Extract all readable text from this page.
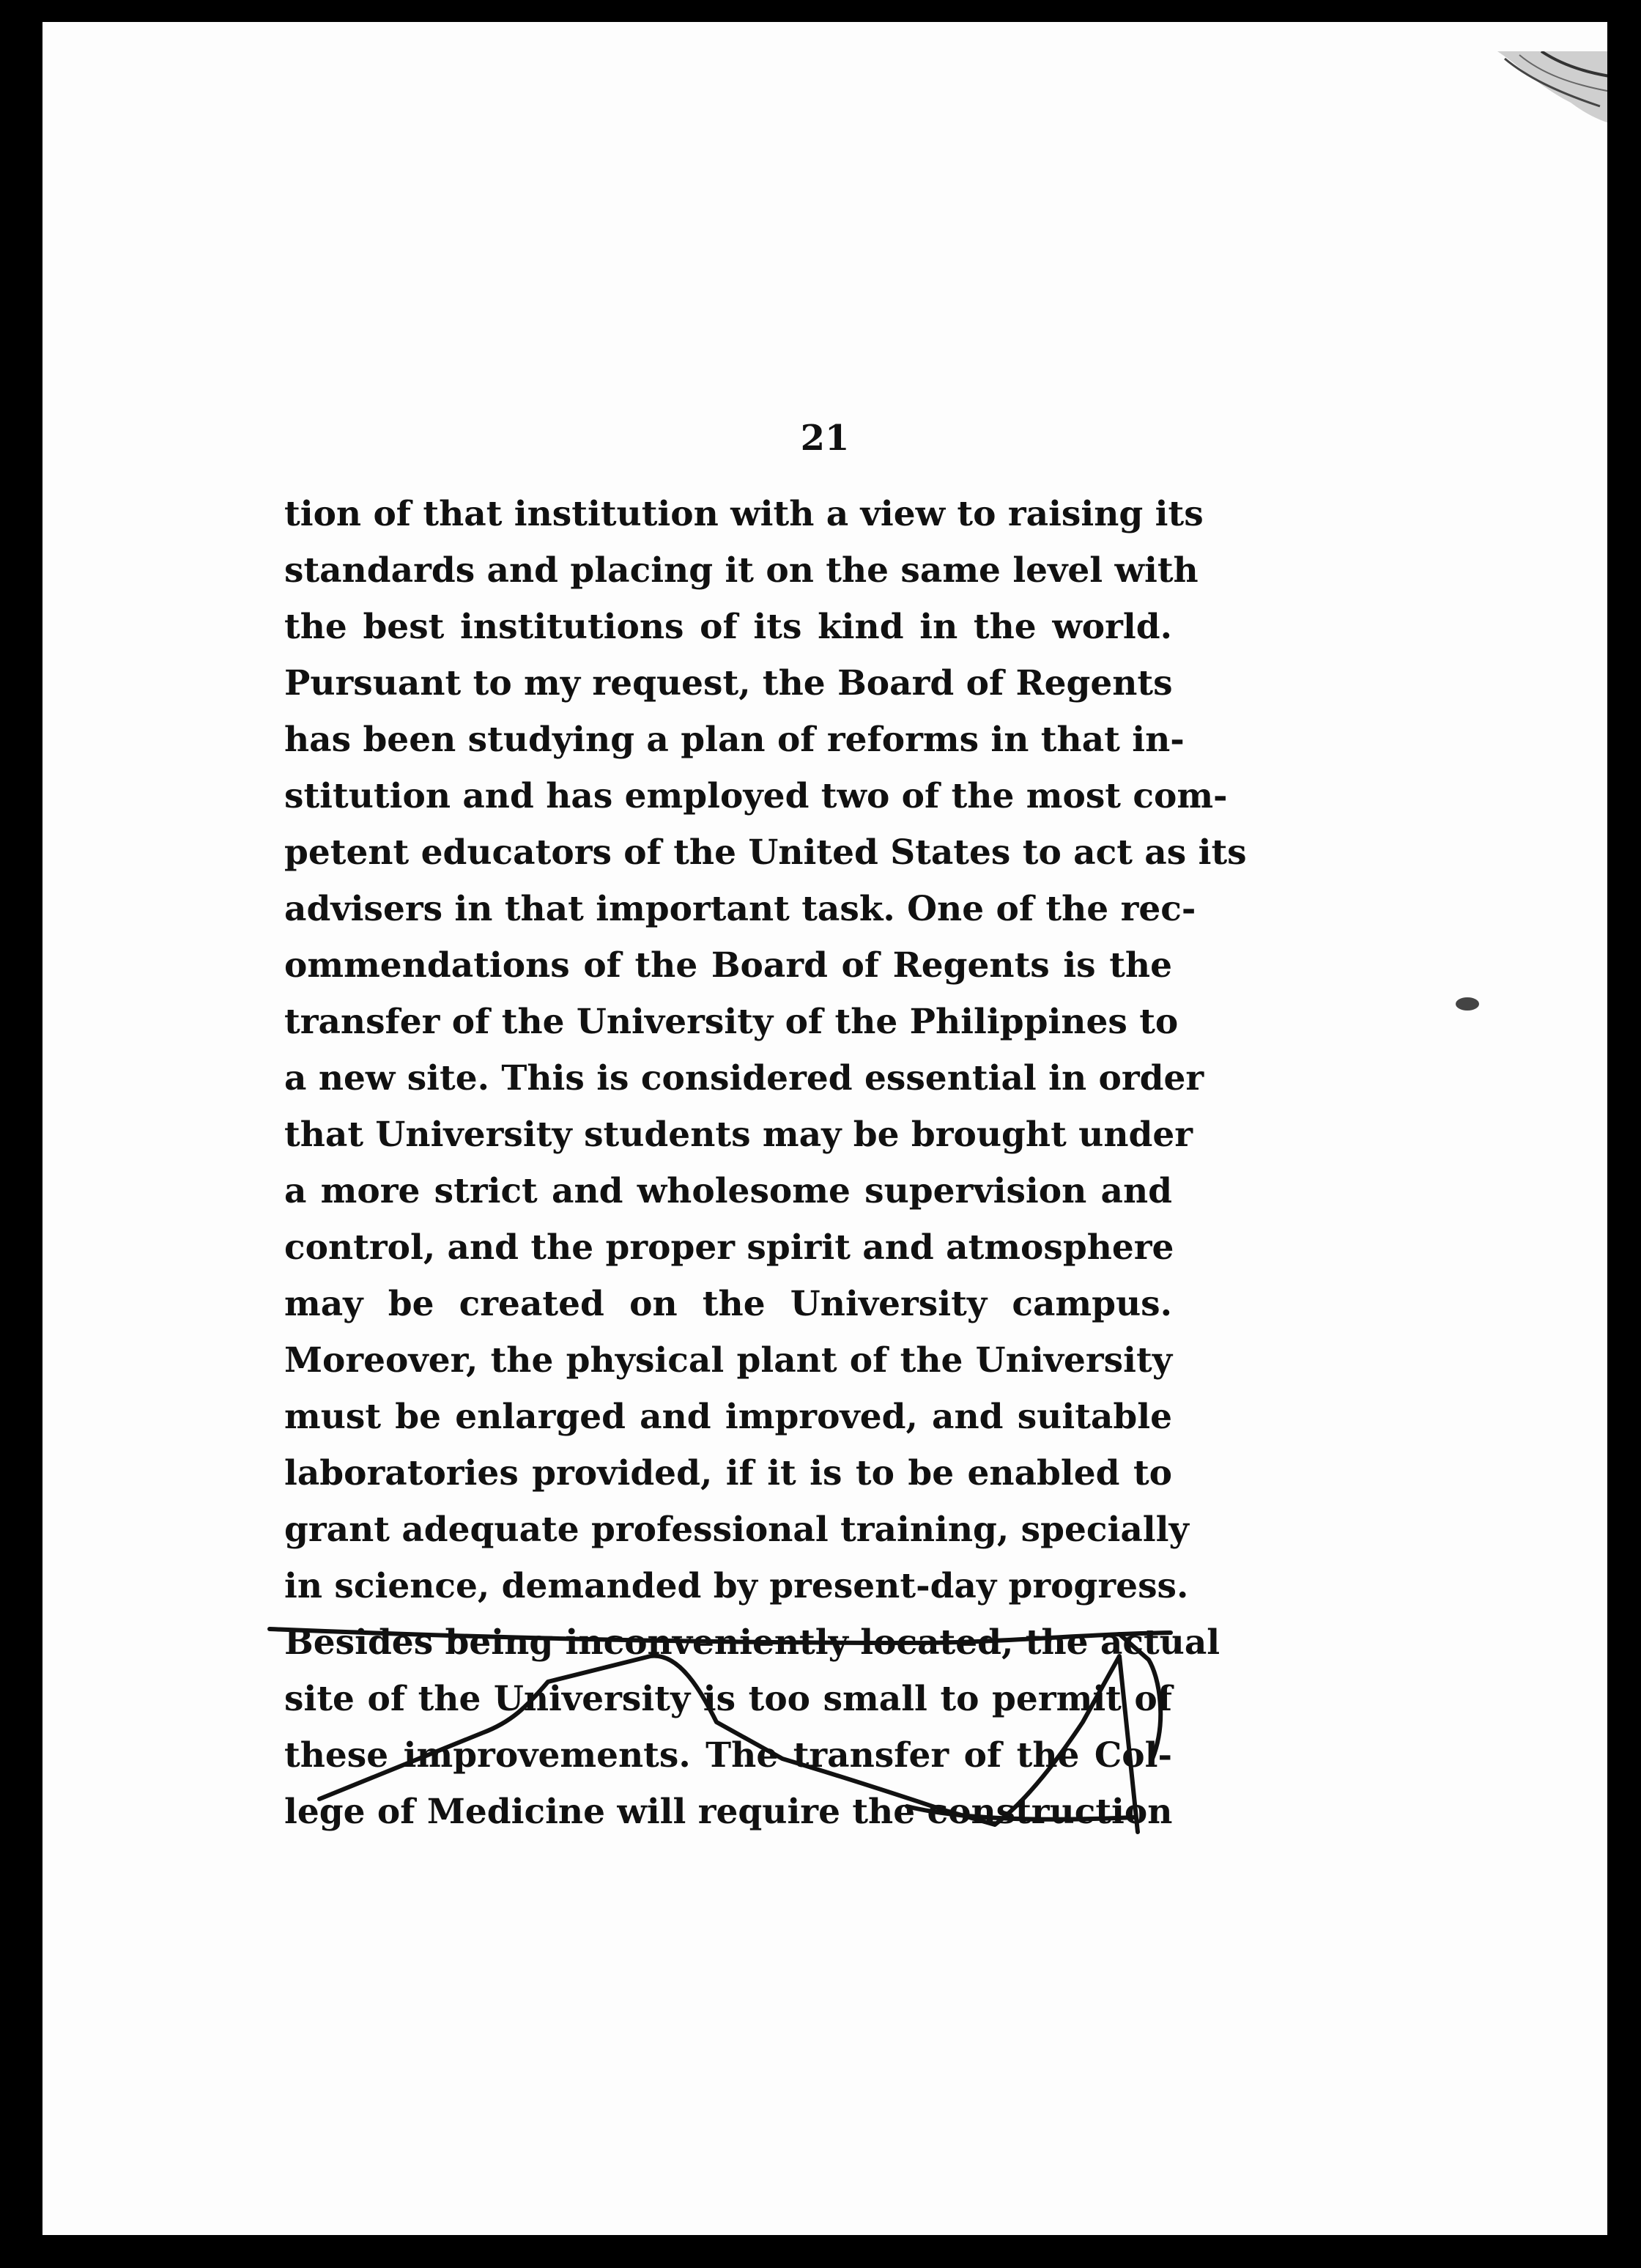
21
tion of that institution with a view to raising its
standards and placing it on the same level with
the best institutions of its kind in the world.
Pursuant to my request, the Board of Regents
has been studying a plan of reforms in that in-
stitution and has employed two of the most com-
petent educators of the United States to act as its
advisers in that important task. One of the rec-
ommendations of the Board of Regents is the
transfer of the University of the Philippines to
a new site. This is considered essential in order
that University students may be brought under
a more strict and wholesome supervision and
control, and the proper spirit and atmosphere
may be created on the University campus.
Moreover, the physical plant of the University
must be enlarged and improved, and suitable
laboratories provided, if it is to be enabled to
grant adequate professional training, specially
in science, demanded by present-day progress.
Besides being inconveniently located, the actual
site of the University is too small to permit of
these improvements. The transfer of the Col-
lege of Medicine will require the construction
